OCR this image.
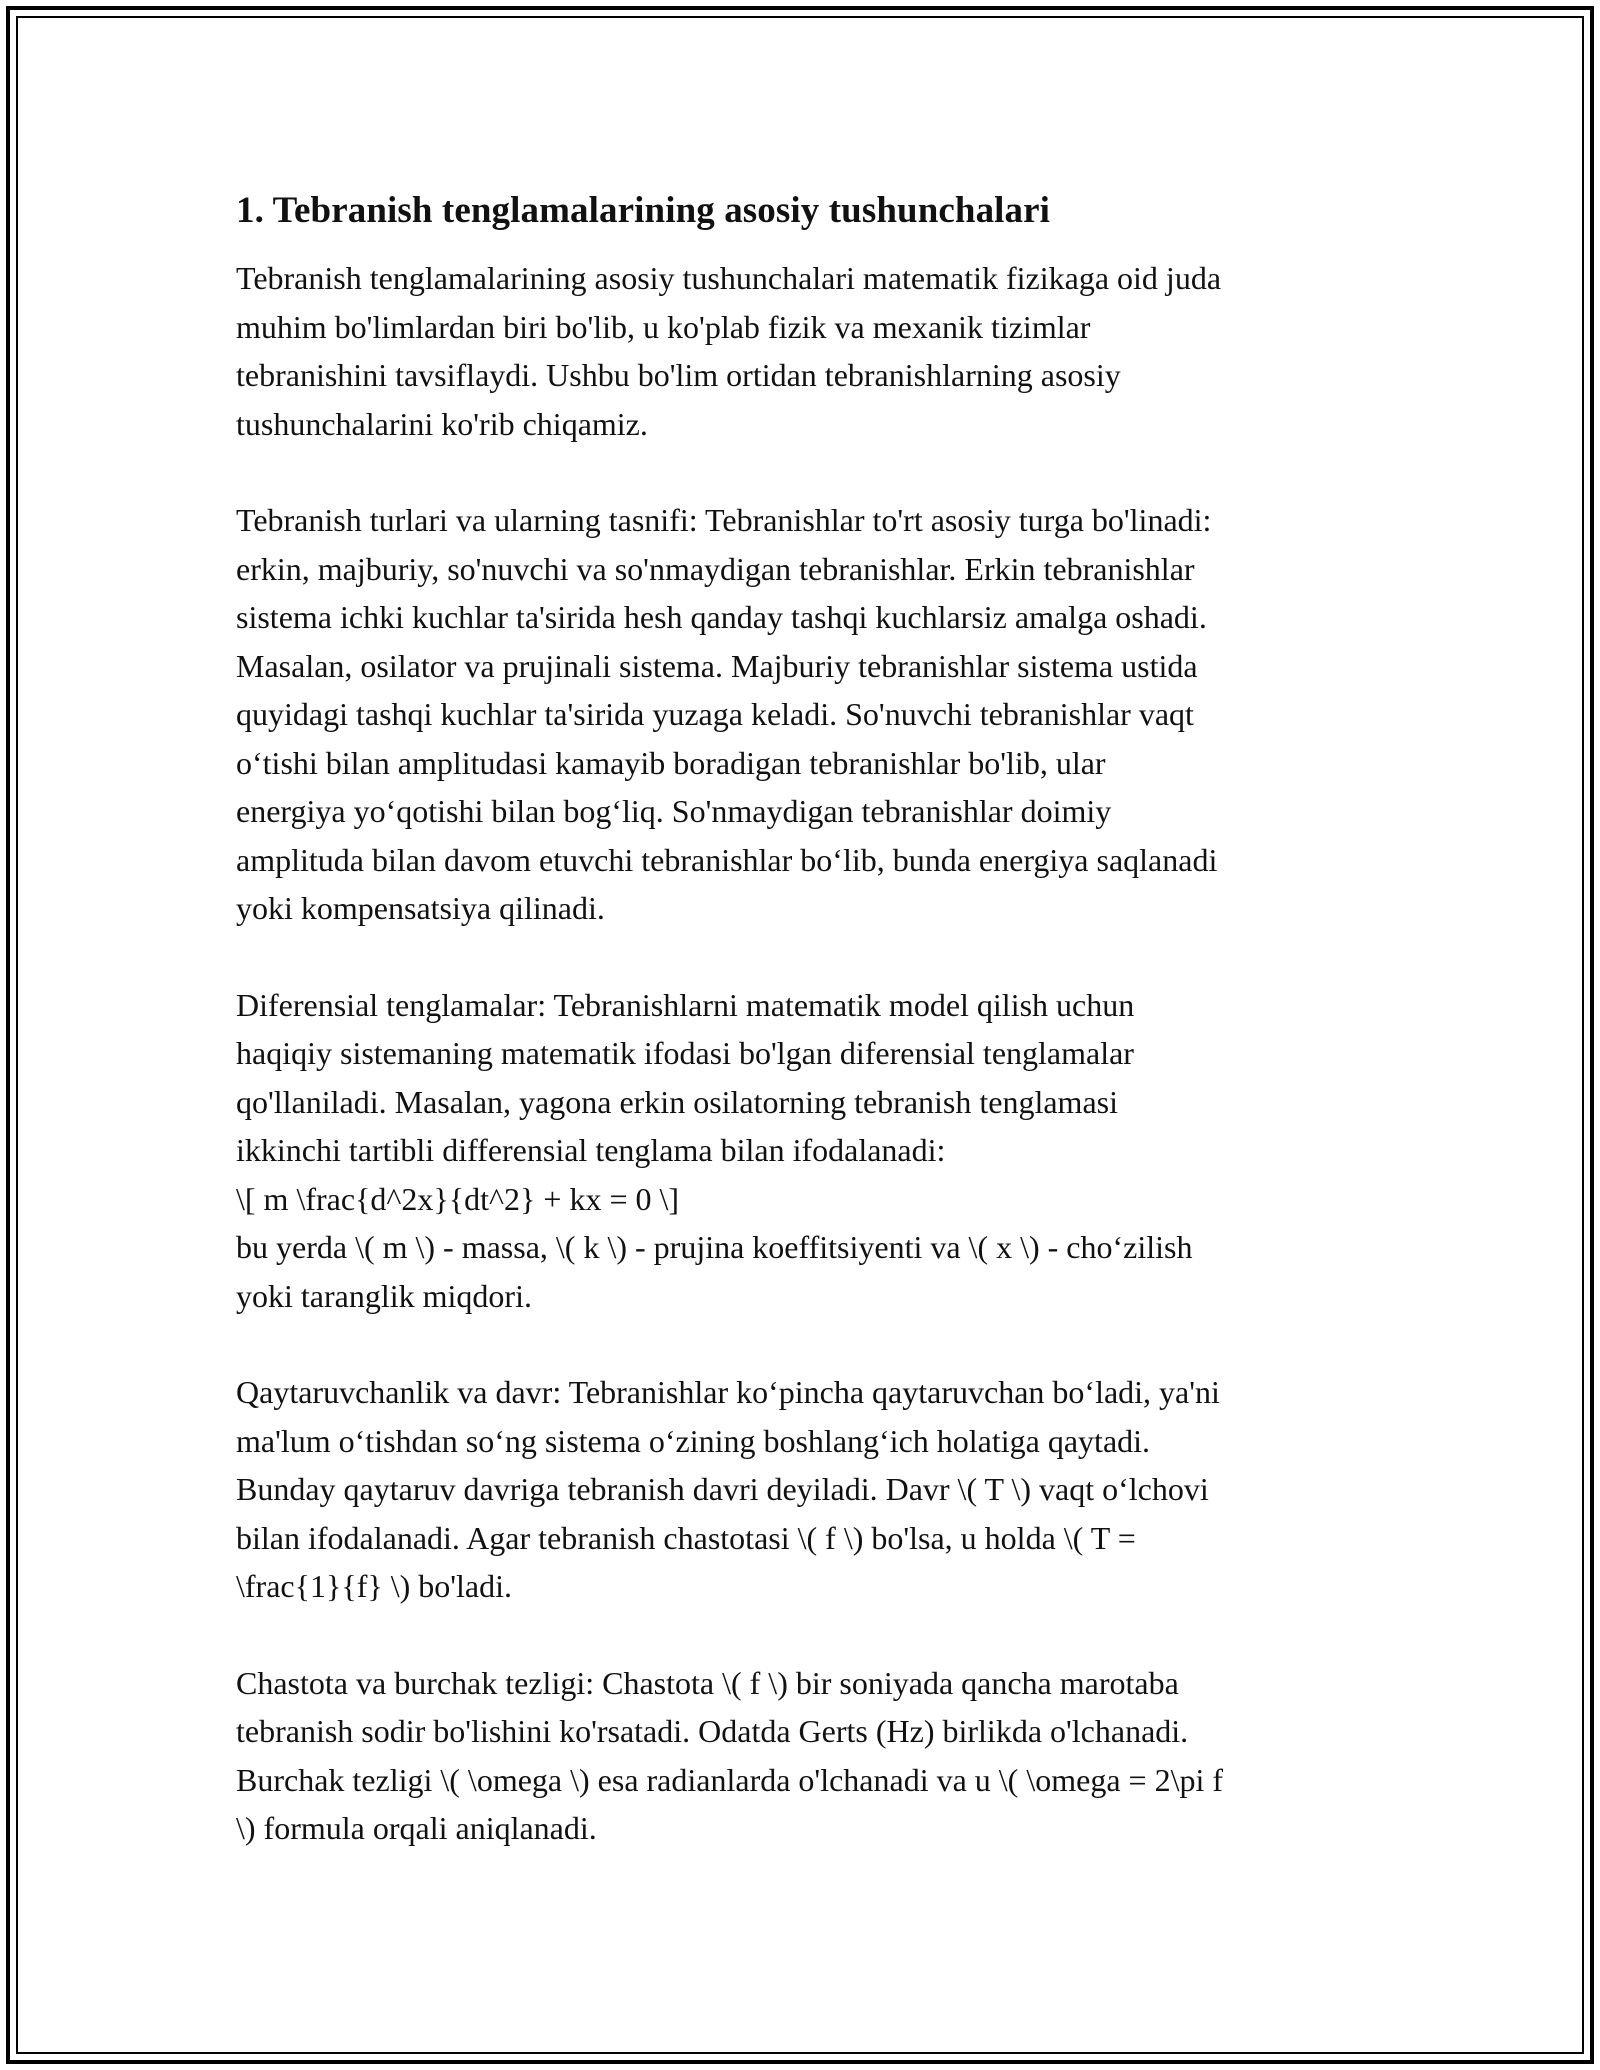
1. Tebranish tenglamalarining asosiy tushunchalari

Tebranish tenglamalarining asosiy tushunchalari matematik fizikaga oid juda
muhim bo'limlardan biri bo'lib, u ko'plab fizik va mexanik tizimlar
tebranishini tavsiflaydi. Ushbu bo'lim ortidan tebranishlarning asosiy
tushunchalarini ko'rib chiqamiz.

Tebranish turlari va ularning tasnifi: Tebranishlar to'rt asosiy turga bo'linadi:
erkin, majburiy, so'nuvchi va so'nmaydigan tebranishlar. Erkin tebranishlar
sistema ichki kuchlar ta'sirida hesh qanday tashqi kuchlarsiz amalga oshadi.
Masalan, osilator va prujinali sistema. Majburiy tebranishlar sistema ustida
quyidagi tashqi kuchlar ta'sirida yuzaga keladi. So'nuvchi tebranishlar vaqt
o‘tishi bilan amplitudasi kamayib boradigan tebranishlar bo'lib, ular
energiya yo‘qotishi bilan bog‘liq. So'nmaydigan tebranishlar doimiy
amplituda bilan davom etuvchi tebranishlar bo‘lib, bunda energiya saqlanadi
yoki kompensatsiya qilinadi.

Diferensial tenglamalar: Tebranishlarni matematik model qilish uchun
haqiqiy sistemaning matematik ifodasi bo'lgan diferensial tenglamalar
qo'llaniladi. Masalan, yagona erkin osilatorning tebranish tenglamasi
ikkinchi tartibli differensial tenglama bilan ifodalanadi:
\[ m \frac{d^2x}{dt^2} + kx = 0 \]
bu yerda \( m \) - massa, \( k \) - prujina koeffitsiyenti va \( x \) - cho‘zilish
yoki taranglik miqdori.

Qaytaruvchanlik va davr: Tebranishlar ko‘pincha qaytaruvchan bo‘ladi, ya'ni
ma'lum o‘tishdan so‘ng sistema o‘zining boshlang‘ich holatiga qaytadi.
Bunday qaytaruv davriga tebranish davri deyiladi. Davr \( T \) vaqt o‘lchovi
bilan ifodalanadi. Agar tebranish chastotasi \( f \) bo'lsa, u holda \( T =
\frac{1}{f} \) bo'ladi.

Chastota va burchak tezligi: Chastota \( f \) bir soniyada qancha marotaba
tebranish sodir bo'lishini ko'rsatadi. Odatda Gerts (Hz) birlikda o'lchanadi.
Burchak tezligi \( \omega \) esa radianlarda o'lchanadi va u \( \omega = 2\pi f
\) formula orqali aniqlanadi.
